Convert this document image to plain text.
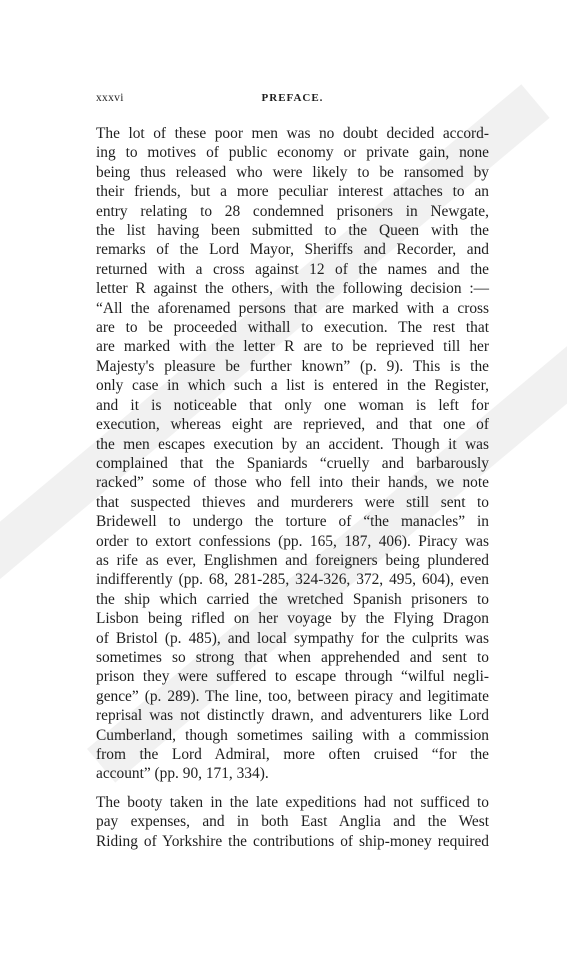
xxxvi	PREFACE.

The lot of these poor men was no doubt decided accord-
ing to motives of public economy or private gain, none
being thus released who were likely to be ransomed by
their friends, but a more peculiar interest attaches to an
entry relating to 28 condemned prisoners in Newgate,
the list having been submitted to the Queen with the
remarks of the Lord Mayor, Sheriffs and Recorder, and
returned with a cross against 12 of the names and the
letter R against the others, with the following decision :—
“All the aforenamed persons that are marked with a cross
are to be proceeded withall to execution. The rest that
are marked with the letter R are to be reprieved till her
Majesty's pleasure be further known” (p. 9). This is the
only case in which such a list is entered in the Register,
and it is noticeable that only one woman is left for
execution, whereas eight are reprieved, and that one of
the men escapes execution by an accident. Though it was
complained that the Spaniards “cruelly and barbarously
racked” some of those who fell into their hands, we note
that suspected thieves and murderers were still sent to
Bridewell to undergo the torture of “the manacles” in
order to extort confessions (pp. 165, 187, 406). Piracy was
as rife as ever, Englishmen and foreigners being plundered
indifferently (pp. 68, 281-285, 324-326, 372, 495, 604), even
the ship which carried the wretched Spanish prisoners to
Lisbon being rifled on her voyage by the Flying Dragon
of Bristol (p. 485), and local sympathy for the culprits was
sometimes so strong that when apprehended and sent to
prison they were suffered to escape through “wilful negli-
gence” (p. 289). The line, too, between piracy and legitimate
reprisal was not distinctly drawn, and adventurers like Lord
Cumberland, though sometimes sailing with a commission
from the Lord Admiral, more often cruised “for the
account” (pp. 90, 171, 334).

The booty taken in the late expeditions had not sufficed to
pay expenses, and in both East Anglia and the West
Riding of Yorkshire the contributions of ship-money required
